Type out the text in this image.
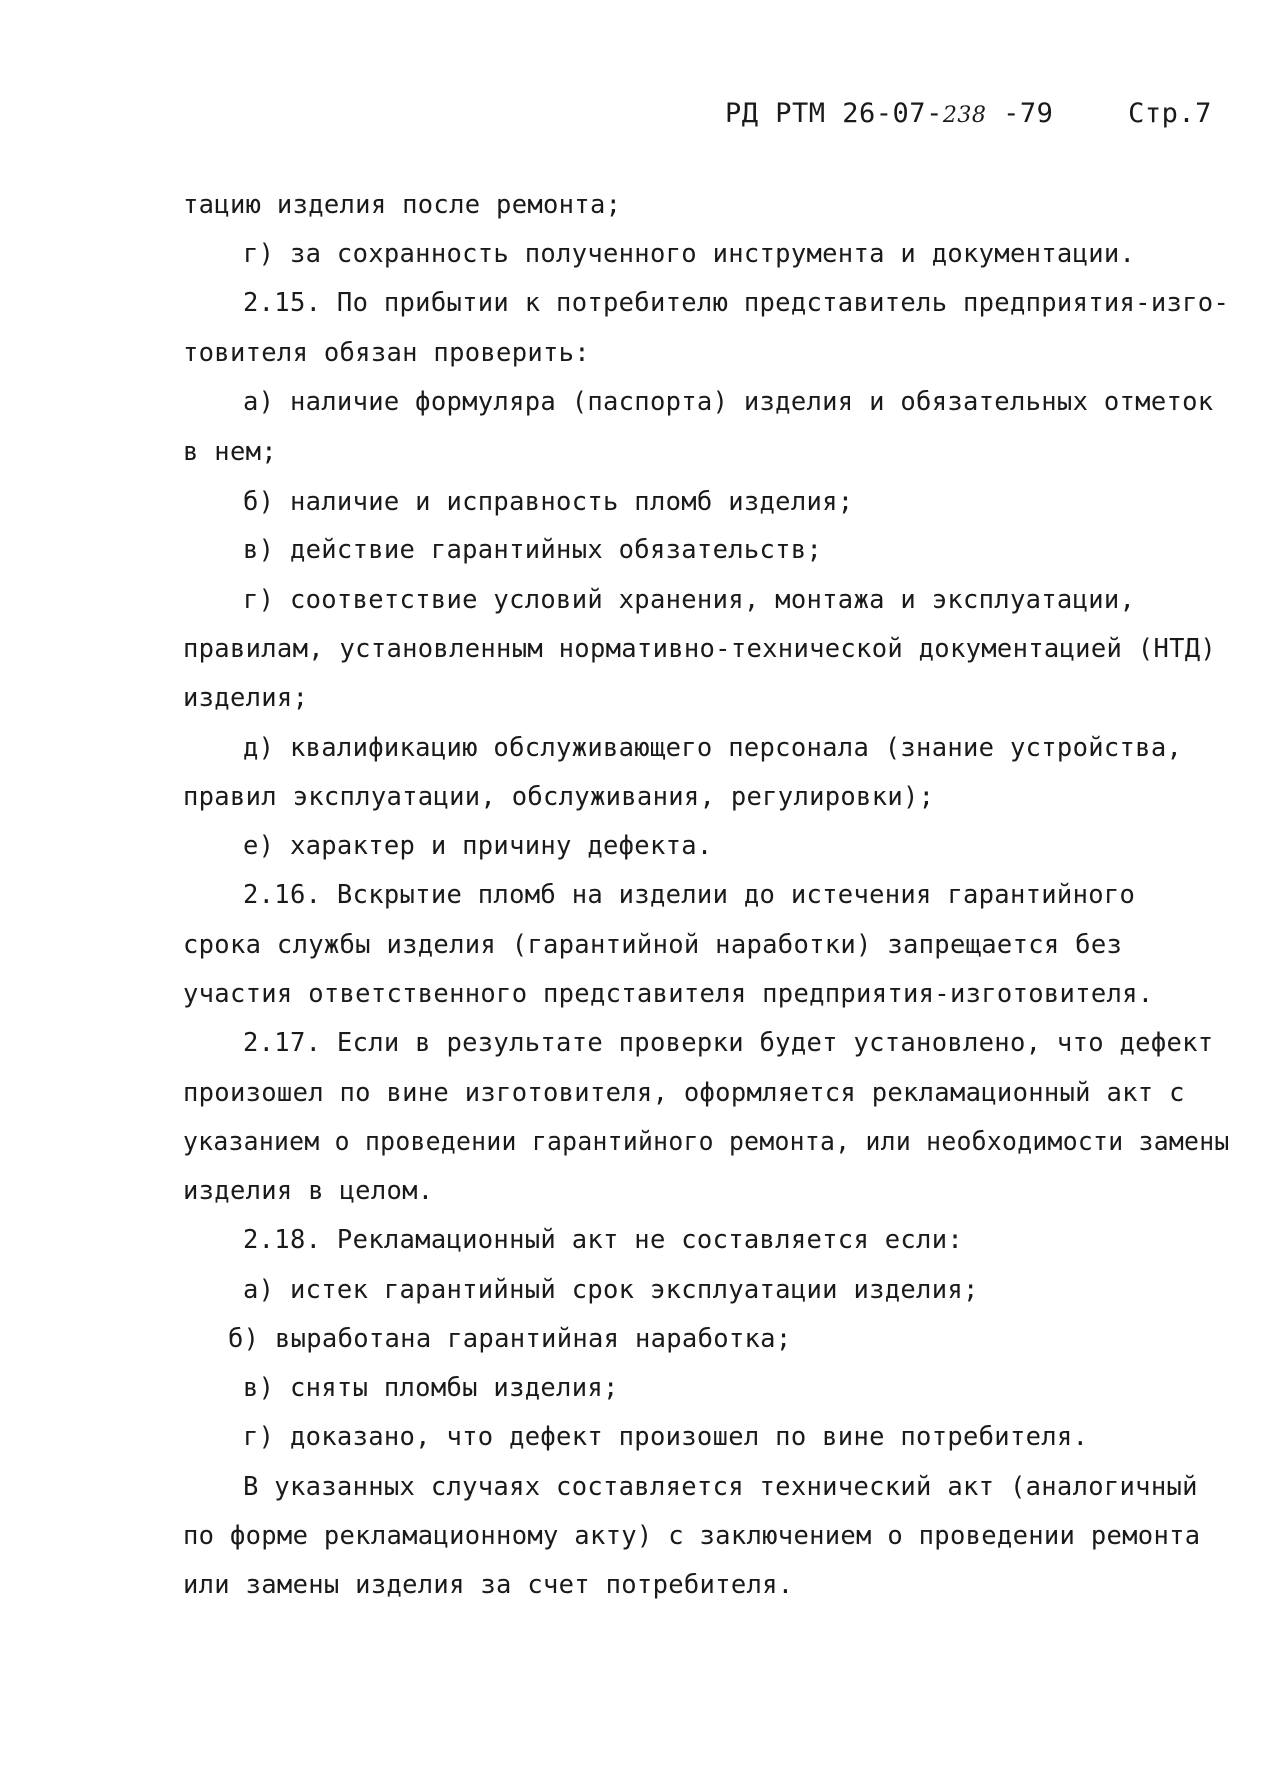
РД РТМ 26-07-238 -79	Стр.7
тацию изделия после ремонта;
г) за сохранность полученного инструмента и документации.
2.15. По прибытии к потребителю представитель предприятия-изго-
товителя обязан проверить:
а) наличие формуляра (паспорта) изделия и обязательных отметок
в нем;
б) наличие и исправность пломб изделия;
в) действие гарантийных обязательств;
г) соответствие условий хранения, монтажа и эксплуатации,
правилам, установленным нормативно-технической документацией (НТД)
изделия;
д) квалификацию обслуживающего персонала (знание устройства,
правил эксплуатации, обслуживания, регулировки);
е) характер и причину дефекта.
2.16. Вскрытие пломб на изделии до истечения гарантийного
срока службы изделия (гарантийной наработки) запрещается без
участия ответственного представителя предприятия-изготовителя.
2.17. Если в результате проверки будет установлено, что дефект
произошел по вине изготовителя, оформляется рекламационный акт с
указанием о проведении гарантийного ремонта, или необходимости замены
изделия в целом.
2.18. Рекламационный акт не составляется если:
а) истек гарантийный срок эксплуатации изделия;
б) выработана гарантийная наработка;
в) сняты пломбы изделия;
г) доказано, что дефект произошел по вине потребителя.
В указанных случаях составляется технический акт (аналогичный
по форме рекламационному акту) с заключением о проведении ремонта
или замены изделия за счет потребителя.
